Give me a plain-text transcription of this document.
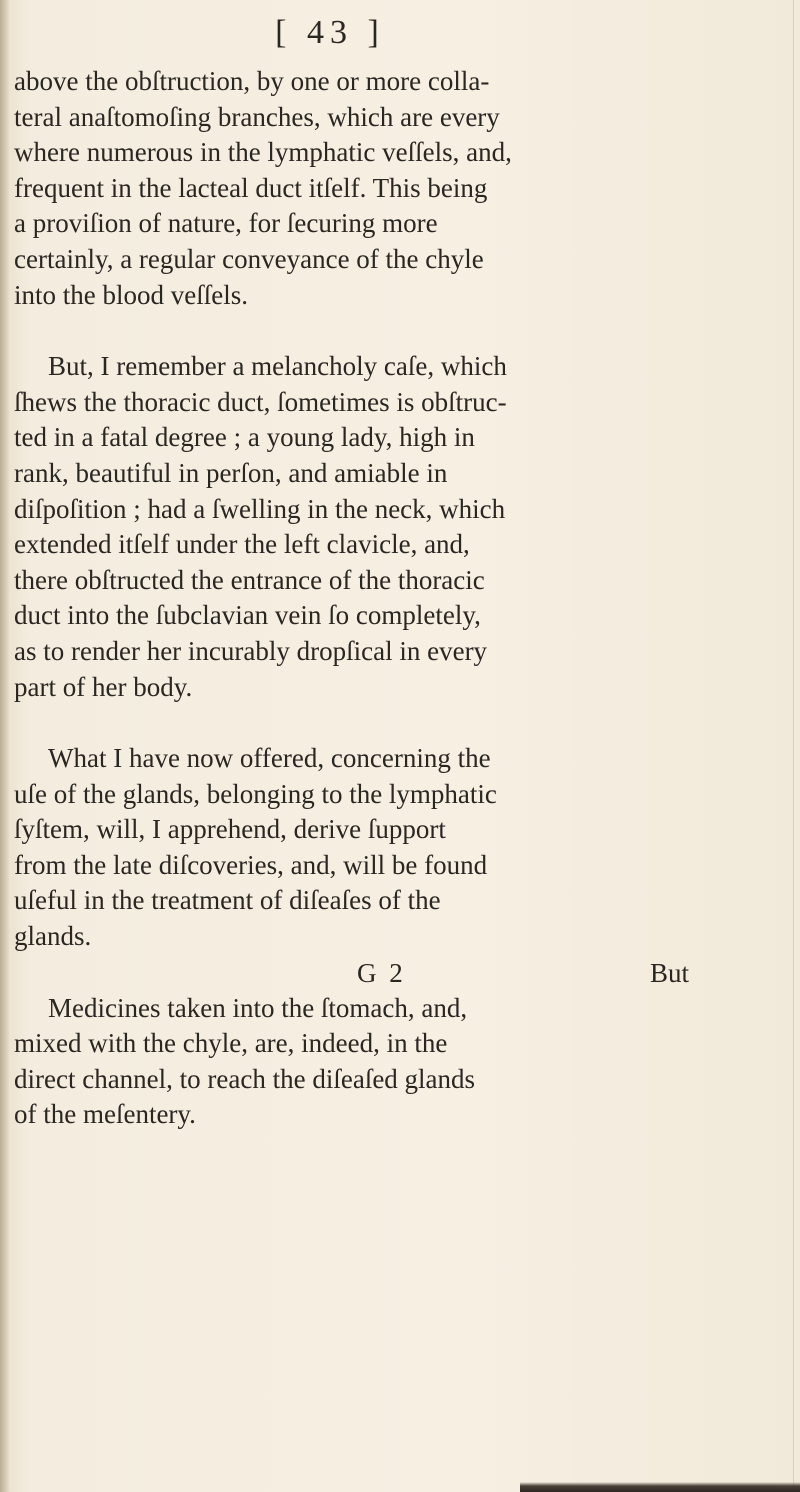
[ 43 ]
above the obſtruction, by one or more colla-
teral anaſtomoſing branches, which are every
where numerous in the lymphatic veſſels, and,
frequent in the lacteal duct itſelf. This being
a proviſion of nature, for ſecuring more
certainly, a regular conveyance of the chyle
into the blood veſſels.
But, I remember a melancholy caſe, which
ſhews the thoracic duct, ſometimes is obſtruc-
ted in a fatal degree ; a young lady, high in
rank, beautiful in perſon, and amiable in
diſpoſition ; had a ſwelling in the neck, which
extended itſelf under the left clavicle, and,
there obſtructed the entrance of the thoracic
duct into the ſubclavian vein ſo completely,
as to render her incurably dropſical in every
part of her body.
What I have now offered, concerning the
uſe of the glands, belonging to the lymphatic
ſyſtem, will, I apprehend, derive ſupport
from the late diſcoveries, and, will be found
uſeful in the treatment of diſeaſes of the
glands.
Medicines taken into the ſtomach, and,
mixed with the chyle, are, indeed, in the
direct channel, to reach the diſeaſed glands
of the meſentery.
G 2	But
